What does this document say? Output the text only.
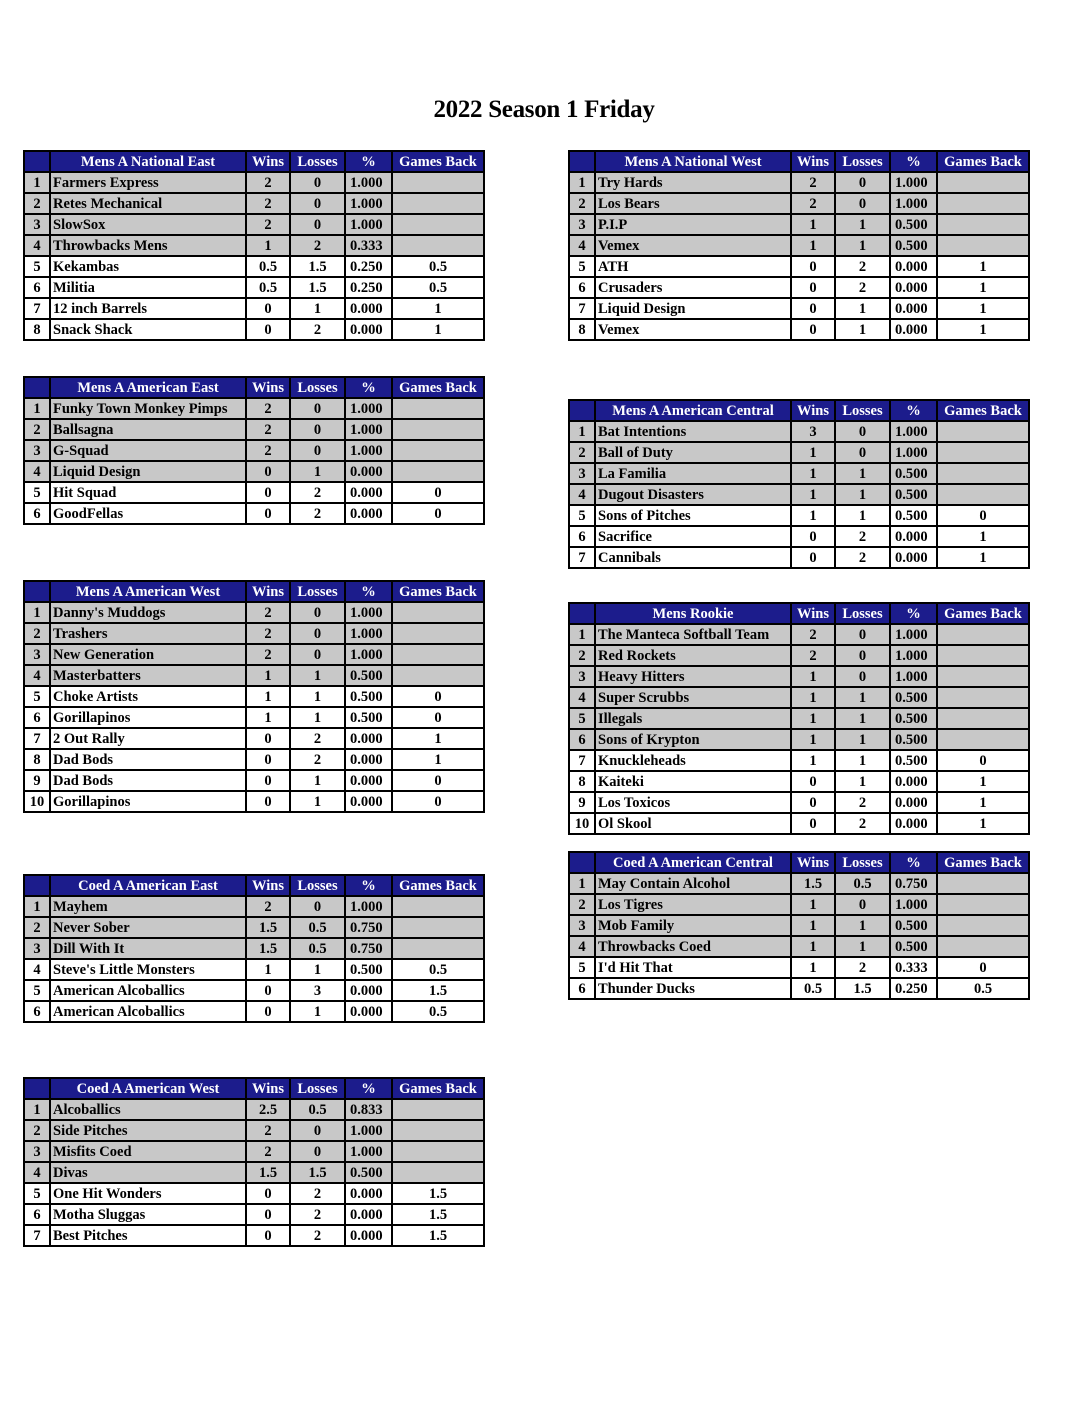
2022 Season 1 Friday
	Mens A National East	Wins	Losses	%	Games Back
1	Farmers Express	2	0	1.000	
2	Retes Mechanical	2	0	1.000	
3	SlowSox	2	0	1.000	
4	Throwbacks Mens	1	2	0.333	
5	Kekambas	0.5	1.5	0.250	0.5
6	Militia	0.5	1.5	0.250	0.5
7	12 inch Barrels	0	1	0.000	1
8	Snack Shack	0	2	0.000	1
	Mens A National West	Wins	Losses	%	Games Back
1	Try Hards	2	0	1.000	
2	Los Bears	2	0	1.000	
3	P.I.P	1	1	0.500	
4	Vemex	1	1	0.500	
5	ATH	0	2	0.000	1
6	Crusaders	0	2	0.000	1
7	Liquid Design	0	1	0.000	1
8	Vemex	0	1	0.000	1
	Mens A American East	Wins	Losses	%	Games Back
1	Funky Town Monkey Pimps	2	0	1.000	
2	Ballsagna	2	0	1.000	
3	G-Squad	2	0	1.000	
4	Liquid Design	0	1	0.000	
5	Hit Squad	0	2	0.000	0
6	GoodFellas	0	2	0.000	0
	Mens A American Central	Wins	Losses	%	Games Back
1	Bat Intentions	3	0	1.000	
2	Ball of Duty	1	0	1.000	
3	La Familia	1	1	0.500	
4	Dugout Disasters	1	1	0.500	
5	Sons of Pitches	1	1	0.500	0
6	Sacrifice	0	2	0.000	1
7	Cannibals	0	2	0.000	1
	Mens A American West	Wins	Losses	%	Games Back
1	Danny's Muddogs	2	0	1.000	
2	Trashers	2	0	1.000	
3	New Generation	2	0	1.000	
4	Masterbatters	1	1	0.500	
5	Choke Artists	1	1	0.500	0
6	Gorillapinos	1	1	0.500	0
7	2 Out Rally	0	2	0.000	1
8	Dad Bods	0	2	0.000	1
9	Dad Bods	0	1	0.000	0
10	Gorillapinos	0	1	0.000	0
	Mens Rookie	Wins	Losses	%	Games Back
1	The Manteca Softball Team	2	0	1.000	
2	Red Rockets	2	0	1.000	
3	Heavy Hitters	1	0	1.000	
4	Super Scrubbs	1	1	0.500	
5	Illegals	1	1	0.500	
6	Sons of Krypton	1	1	0.500	
7	Knuckleheads	1	1	0.500	0
8	Kaiteki	0	1	0.000	1
9	Los Toxicos	0	2	0.000	1
10	Ol Skool	0	2	0.000	1
	Coed A American Central	Wins	Losses	%	Games Back
1	May Contain Alcohol	1.5	0.5	0.750	
2	Los Tigres	1	0	1.000	
3	Mob Family	1	1	0.500	
4	Throwbacks Coed	1	1	0.500	
5	I'd Hit That	1	2	0.333	0
6	Thunder Ducks	0.5	1.5	0.250	0.5
	Coed A American East	Wins	Losses	%	Games Back
1	Mayhem	2	0	1.000	
2	Never Sober	1.5	0.5	0.750	
3	Dill With It	1.5	0.5	0.750	
4	Steve's Little Monsters	1	1	0.500	0.5
5	American Alcoballics	0	3	0.000	1.5
6	American Alcoballics	0	1	0.000	0.5
	Coed A American West	Wins	Losses	%	Games Back
1	Alcoballics	2.5	0.5	0.833	
2	Side Pitches	2	0	1.000	
3	Misfits Coed	2	0	1.000	
4	Divas	1.5	1.5	0.500	
5	One Hit Wonders	0	2	0.000	1.5
6	Motha Sluggas	0	2	0.000	1.5
7	Best Pitches	0	2	0.000	1.5
